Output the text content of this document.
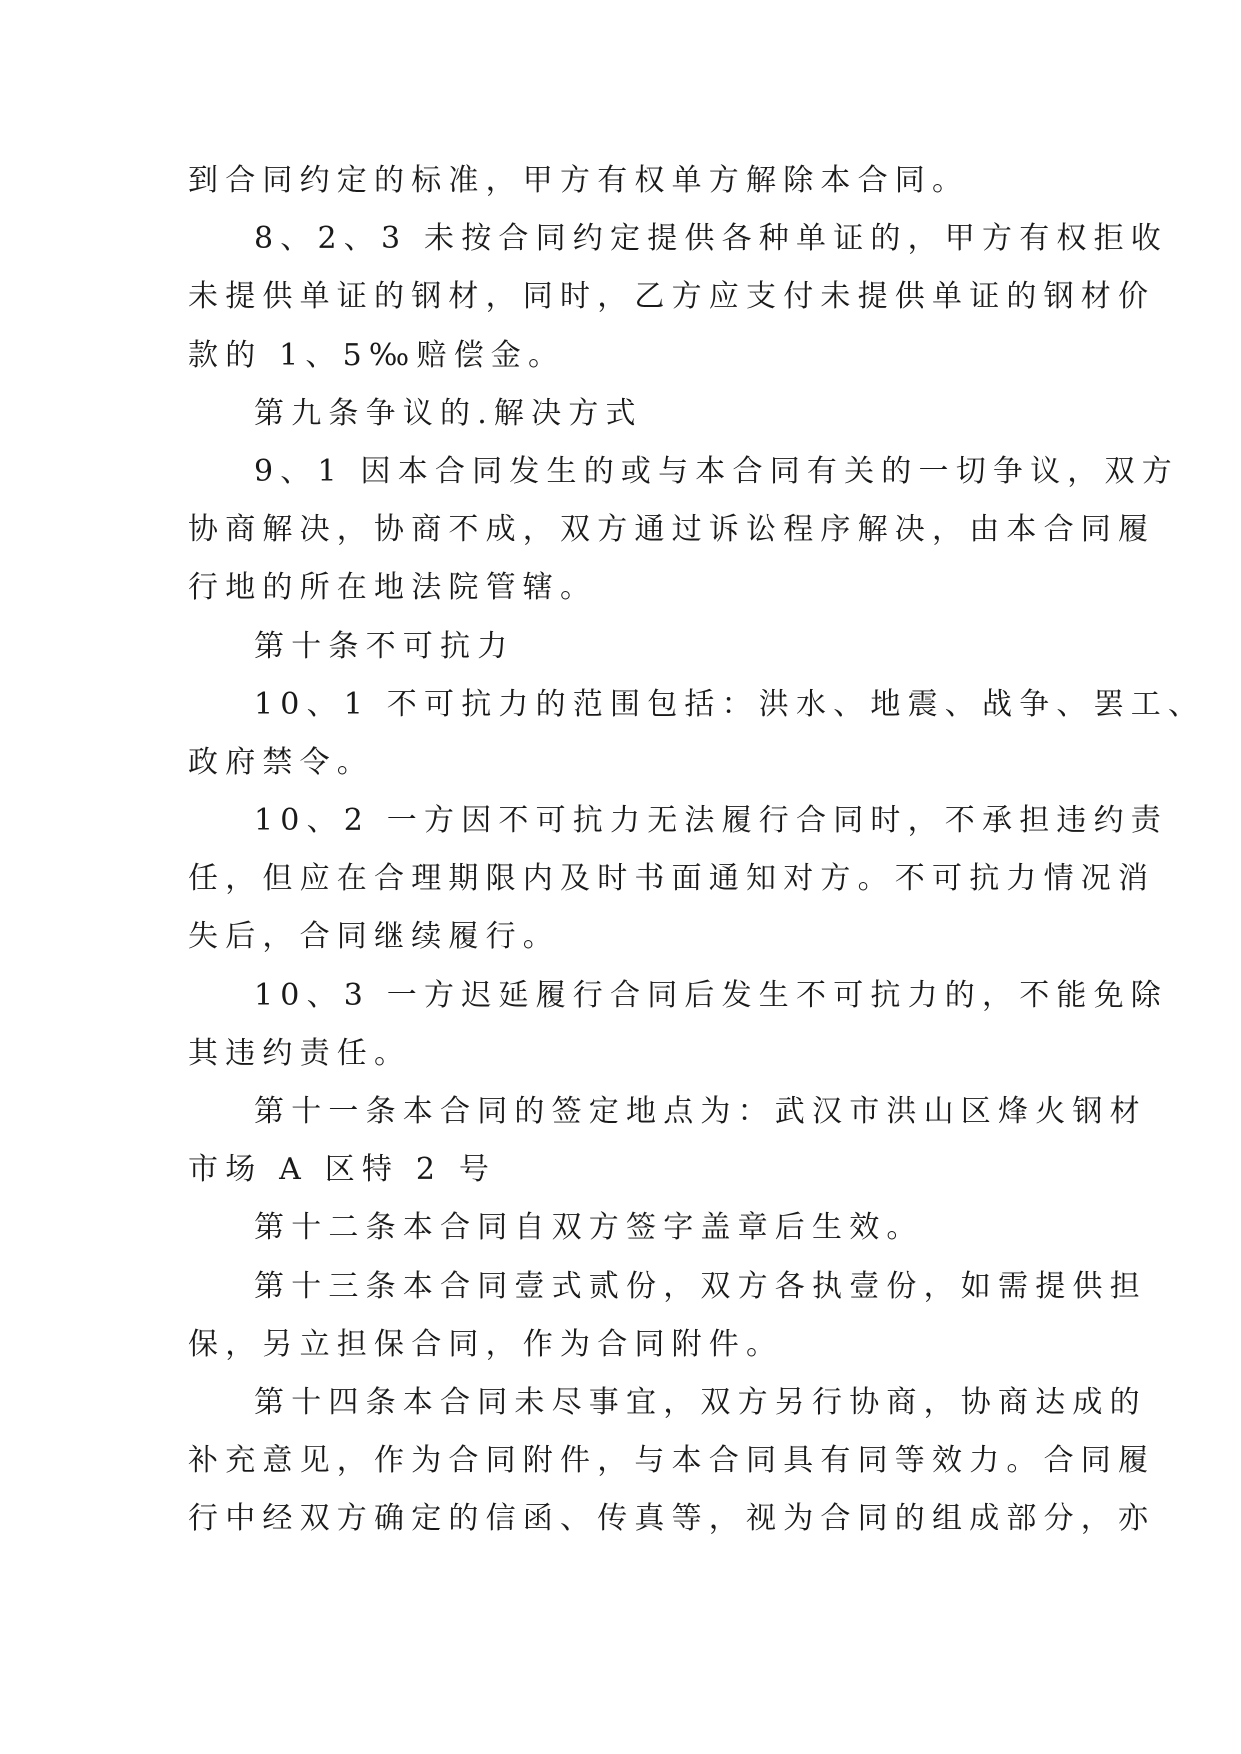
到合同约定的标准，甲方有权单方解除本合同。
8、2、3 未按合同约定提供各种单证的，甲方有权拒收
未提供单证的钢材，同时，乙方应支付未提供单证的钢材价
款的 1、5‰赔偿金。
第九条争议的.解决方式
9、1 因本合同发生的或与本合同有关的一切争议，双方
协商解决，协商不成，双方通过诉讼程序解决，由本合同履
行地的所在地法院管辖。
第十条不可抗力
10、1 不可抗力的范围包括：洪水、地震、战争、罢工、
政府禁令。
10、2 一方因不可抗力无法履行合同时，不承担违约责
任，但应在合理期限内及时书面通知对方。不可抗力情况消
失后，合同继续履行。
10、3 一方迟延履行合同后发生不可抗力的，不能免除
其违约责任。
第十一条本合同的签定地点为：武汉市洪山区烽火钢材
市场 A 区特 2 号
第十二条本合同自双方签字盖章后生效。
第十三条本合同壹式贰份，双方各执壹份，如需提供担
保，另立担保合同，作为合同附件。
第十四条本合同未尽事宜，双方另行协商，协商达成的
补充意见，作为合同附件，与本合同具有同等效力。合同履
行中经双方确定的信函、传真等，视为合同的组成部分，亦
